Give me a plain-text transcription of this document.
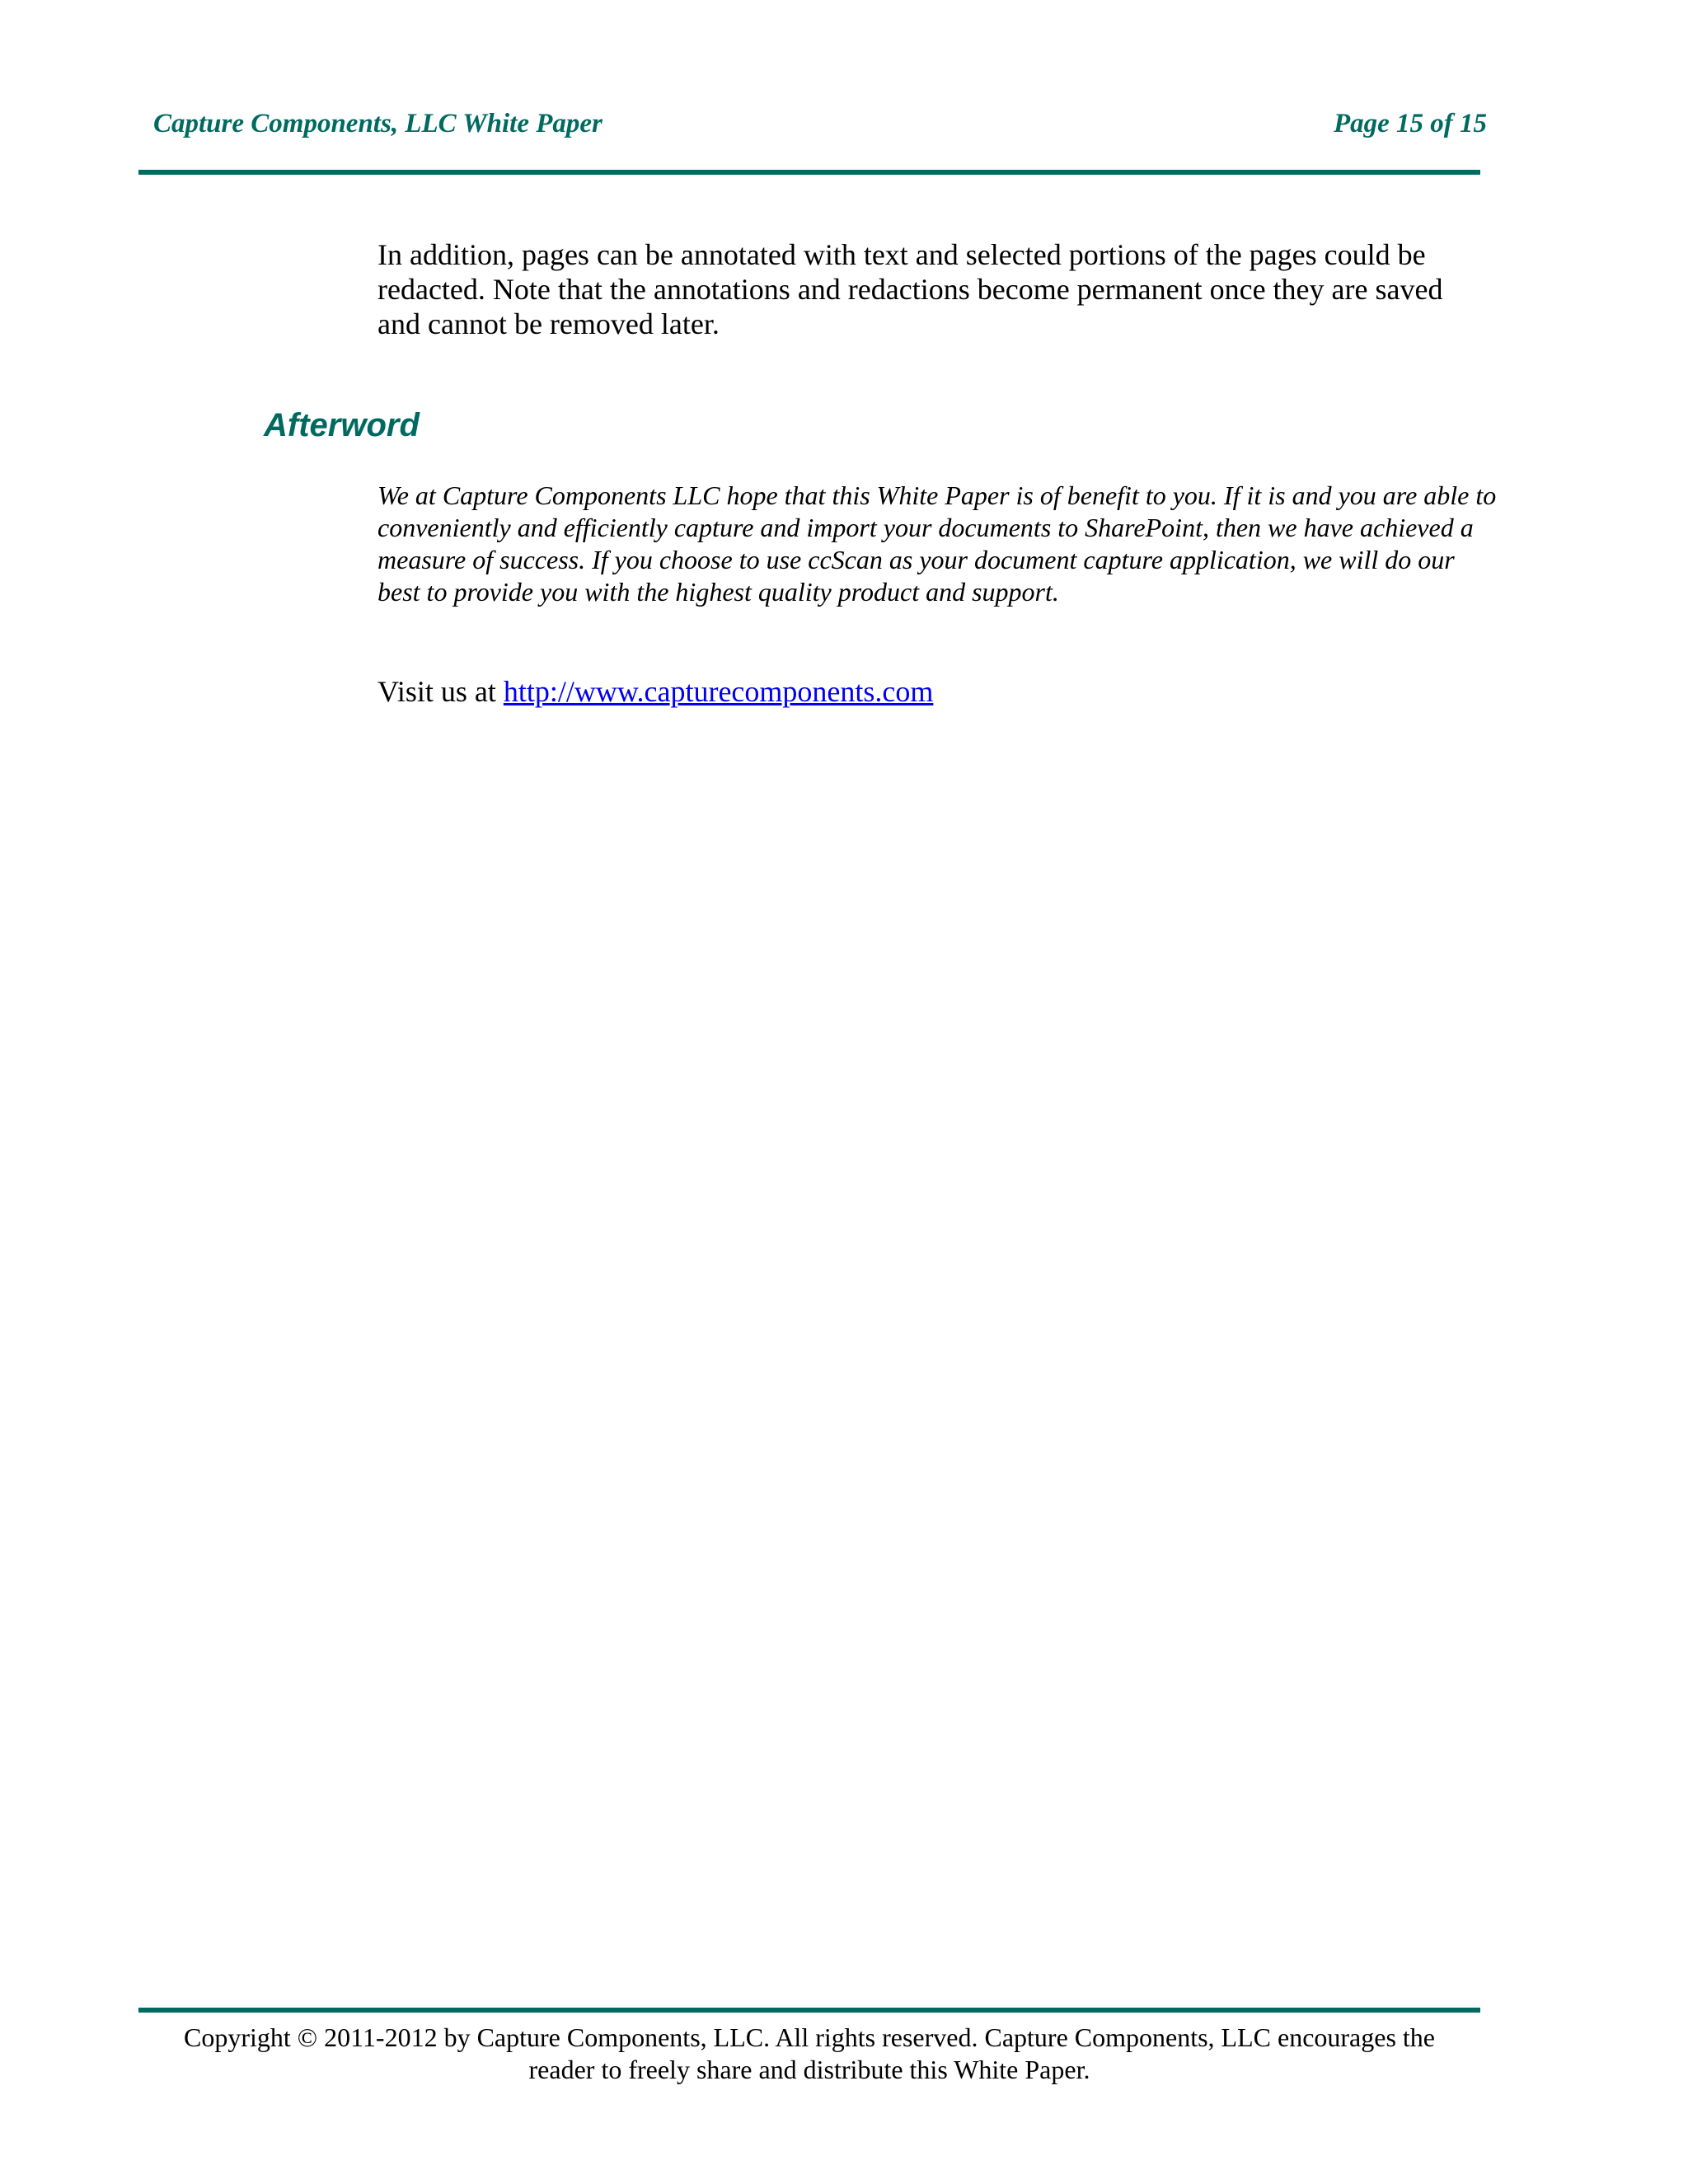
Capture Components, LLC White Paper	Page 15 of 15
In addition, pages can be annotated with text and selected portions of the pages could be redacted. Note that the annotations and redactions become permanent once they are saved and cannot be removed later.
Afterword
We at Capture Components LLC hope that this White Paper is of benefit to you. If it is and you are able to conveniently and efficiently capture and import your documents to SharePoint, then we have achieved a measure of success. If you choose to use ccScan as your document capture application, we will do our best to provide you with the highest quality product and support.
Visit us at http://www.capturecomponents.com
Copyright © 2011-2012 by Capture Components, LLC. All rights reserved. Capture Components, LLC encourages the
reader to freely share and distribute this White Paper.
